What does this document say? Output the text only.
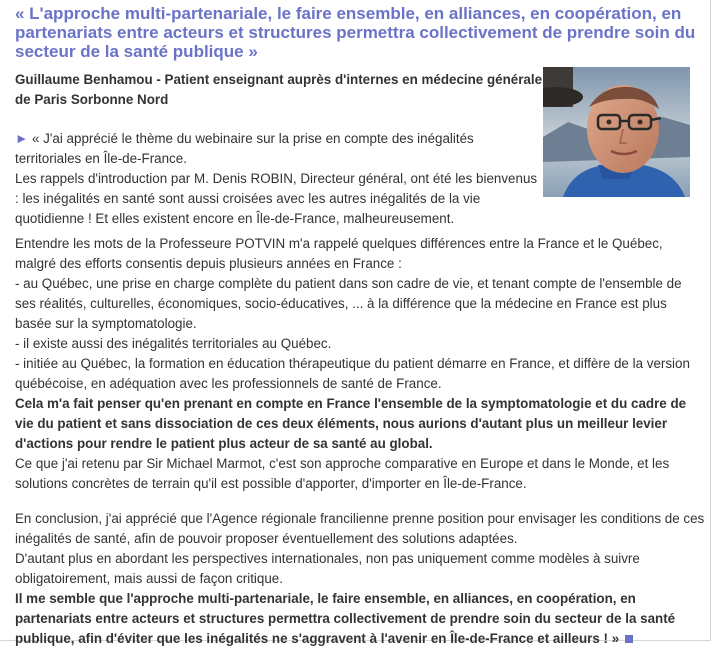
« L'approche multi-partenariale, le faire ensemble, en alliances, en coopération, en partenariats entre acteurs et structures permettra collectivement de prendre soin du secteur de la santé publique »

Guillaume Benhamou - Patient enseignant auprès d'internes en médecine générale de Paris Sorbonne Nord

► « J'ai apprécié le thème du webinaire sur la prise en compte des inégalités territoriales en Île-de-France.

Les rappels d'introduction par M. Denis ROBIN, Directeur général, ont été les bienvenus : les inégalités en santé sont aussi croisées avec les autres inégalités de la vie quotidienne ! Et elles existent encore en Île-de-France, malheureusement.

Entendre les mots de la Professeure POTVIN m'a rappelé quelques différences entre la France et le Québec, malgré des efforts consentis depuis plusieurs années en France :

- au Québec, une prise en charge complète du patient dans son cadre de vie, et tenant compte de l'ensemble de ses réalités, culturelles, économiques, socio-éducatives, ... à la différence que la médecine en France est plus basée sur la symptomatologie.

- il existe aussi des inégalités territoriales au Québec.

- initiée au Québec, la formation en éducation thérapeutique du patient démarre en France, et diffère de la version québécoise, en adéquation avec les professionnels de santé de France.

Cela m'a fait penser qu'en prenant en compte en France l'ensemble de la symptomatologie et du cadre de vie du patient et sans dissociation de ces deux éléments, nous aurions d'autant plus un meilleur levier d'actions pour rendre le patient plus acteur de sa santé au global.

Ce que j'ai retenu par Sir Michael Marmot, c'est son approche comparative en Europe et dans le Monde, et les solutions concrètes de terrain qu'il est possible d'apporter, d'importer en Île-de-France.

En conclusion, j'ai apprécié que l'Agence régionale francilienne prenne position pour envisager les conditions de ces inégalités de santé, afin de pouvoir proposer éventuellement des solutions adaptées.

D'autant plus en abordant les perspectives internationales, non pas uniquement comme modèles à suivre obligatoirement, mais aussi de façon critique.

Il me semble que l'approche multi-partenariale, le faire ensemble, en alliances, en coopération, en partenariats entre acteurs et structures permettra collectivement de prendre soin du secteur de la santé publique, afin d'éviter que les inégalités ne s'aggravent à l'avenir en Île-de-France et ailleurs ! »
